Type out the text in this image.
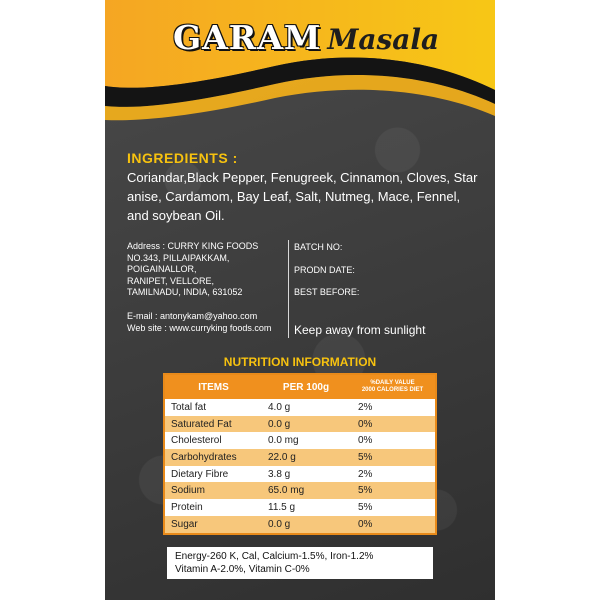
GARAM Masala
INGREDIENTS :
Coriandar,Black Pepper, Fenugreek, Cinnamon, Cloves, Star anise, Cardamom, Bay Leaf, Salt, Nutmeg, Mace, Fennel, and soybean Oil.
Address : CURRY KING FOODS
NO.343, PILLAIPAKKAM,
POIGAINALLOR,
RANIPET, VELLORE,
TAMILNADU, INDIA, 631052
E-mail : antonykam@yahoo.com
Web site : www.curryking foods.com
BATCH NO:
PRODN DATE:
BEST BEFORE:
Keep away from sunlight
NUTRITION INFORMATION
ITEMS	PER 100g	%DAILY VALUE
2000 CALORIES DIET
Total fat	4.0 g	2%
Saturated Fat	0.0 g	0%
Cholesterol	0.0 mg	0%
Carbohydrates	22.0 g	5%
Dietary Fibre	3.8 g	2%
Sodium	65.0 mg	5%
Protein	11.5 g	5%
Sugar	0.0 g	0%
Energy-260 K, Cal, Calcium-1.5%, Iron-1.2%
Vitamin A-2.0%, Vitamin C-0%
